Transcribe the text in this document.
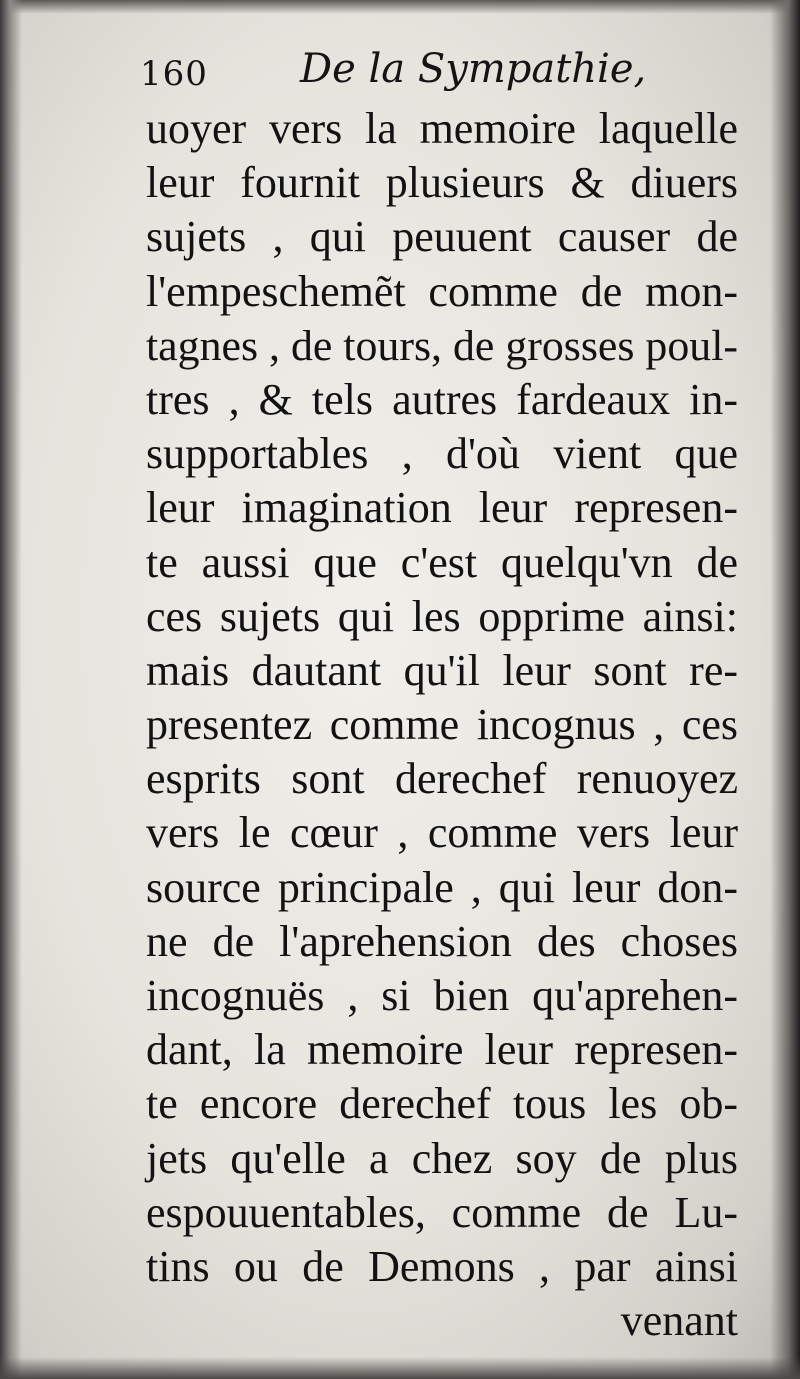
160 De la Sympathie,
uoyer vers la memoire laquelle
leur fournit plusieurs & diuers
sujets , qui peuuent causer de
l'empeschemẽt comme de mon-
tagnes , de tours, de grosses poul-
tres , & tels autres fardeaux in-
supportables , d'où vient que
leur imagination leur represen-
te aussi que c'est quelqu'vn de
ces sujets qui les opprime ainsi:
mais dautant qu'il leur sont re-
presentez comme incognus , ces
esprits sont derechef renuoyez
vers le cœur , comme vers leur
source principale , qui leur don-
ne de l'aprehension des choses
incognuës , si bien qu'aprehen-
dant, la memoire leur represen-
te encore derechef tous les ob-
jets qu'elle a chez soy de plus
espouuentables, comme de Lu-
tins ou de Demons , par ainsi
venant
